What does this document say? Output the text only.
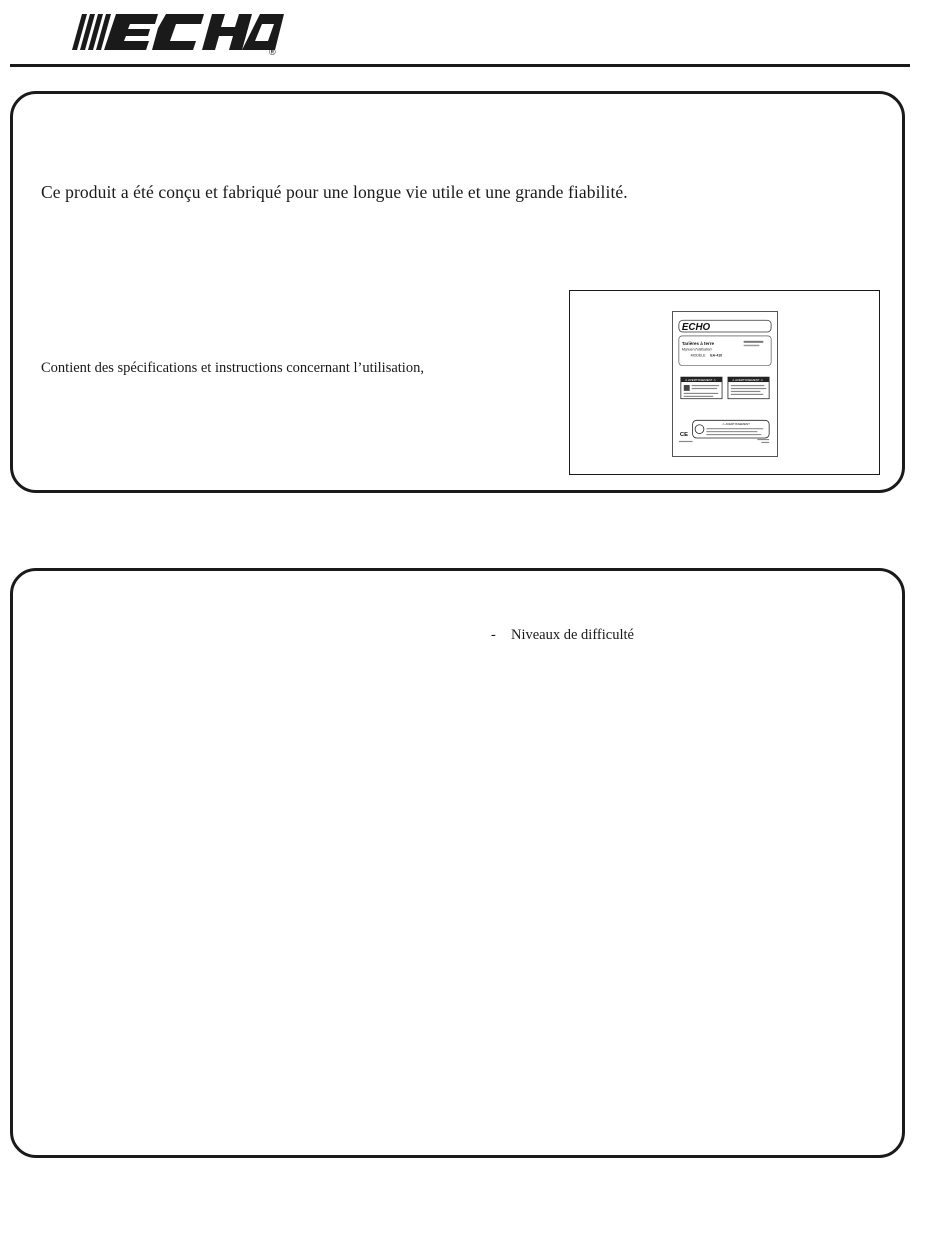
®
Ce produit a été conçu et fabriqué pour une longue vie utile et une grande fiabilité.
Contient des spécifications et instructions concernant l’utilisation,
ECHO
Tarières à terre
Manuel d'utilisation
MODÈLE EA-410
⚠ AVERTISSEMENT ⚠	⚠ AVERTISSEMENT ⚠
⚠ AVERTISSEMENT
CE
- Niveaux de difficulté
